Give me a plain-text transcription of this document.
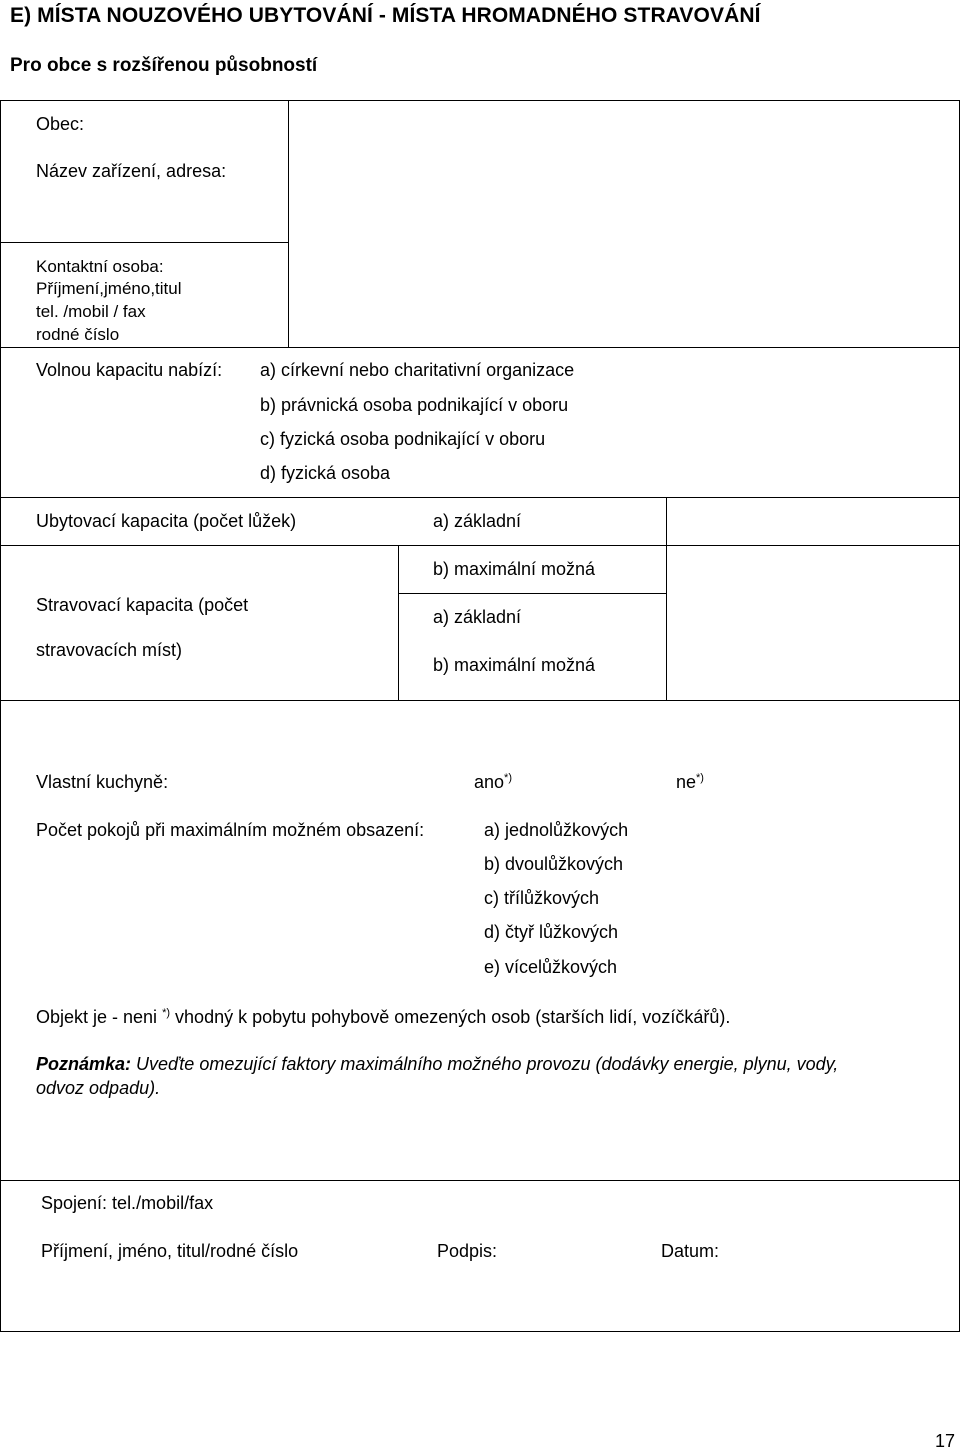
E) MÍSTA NOUZOVÉHO UBYTOVÁNÍ - MÍSTA HROMADNÉHO STRAVOVÁNÍ
Pro obce s rozšířenou působností
Obec:
Název zařízení, adresa:
Kontaktní osoba:
Příjmení,jméno,titul
tel. /mobil / fax
rodné číslo
Volnou kapacitu nabízí: a) církevní nebo charitativní organizace
b) právnická osoba podnikající v oboru
c) fyzická osoba podnikající v oboru
d) fyzická osoba
Ubytovací kapacita (počet lůžek)	a) základní
b) maximální možná
Stravovací kapacita (počet
stravovacích míst)
a) základní
b) maximální možná
Vlastní kuchyně:	ano*)	ne*)
Počet pokojů při maximálním možném obsazení:	a) jednolůžkových
b) dvoulůžkových
c) třílůžkových
d) čtyř lůžkových
e) vícelůžkových
Objekt je - neni *) vhodný k pobytu pohybově omezených osob (starších lidí, vozíčkářů).
Poznámka: Uveďte omezující faktory maximálního možného provozu (dodávky energie, plynu, vody,
odvoz odpadu).
Spojení: tel./mobil/fax
Příjmení, jméno, titul/rodné číslo	Podpis:	Datum:
17
